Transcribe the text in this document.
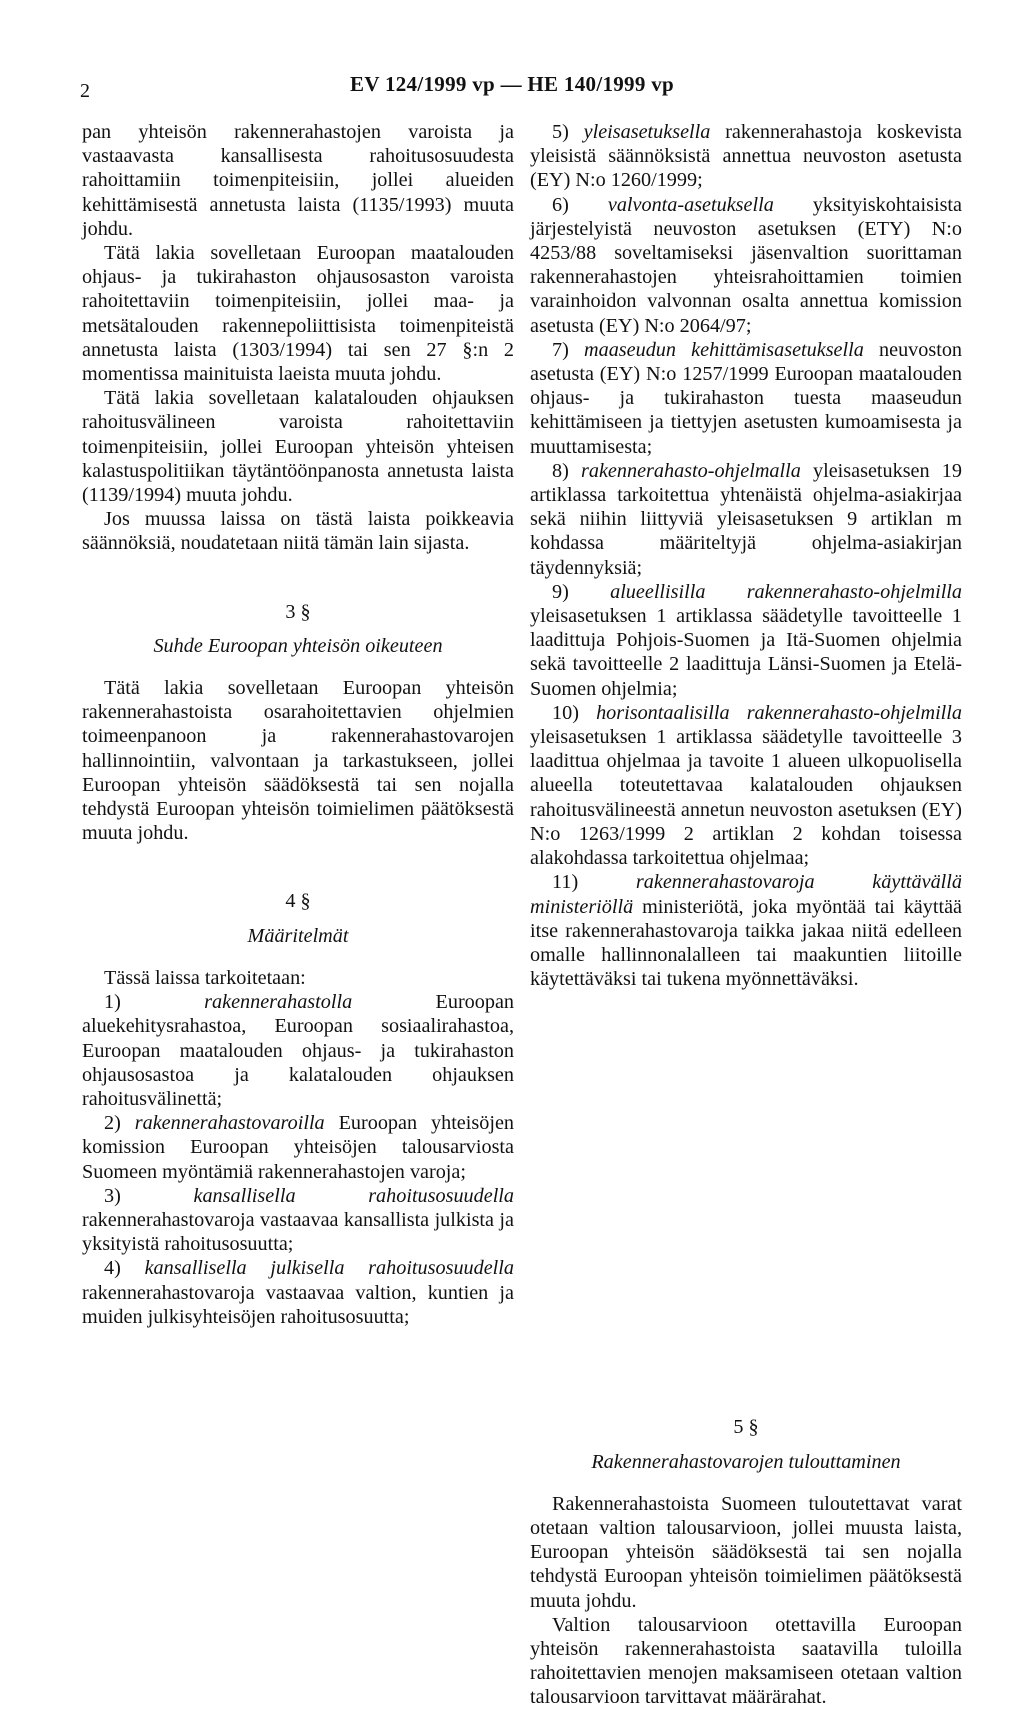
2	EV 124/1999 vp — HE 140/1999 vp

pan yhteisön rakennerahastojen varoista ja vastaavasta kansallisesta rahoitusosuudesta rahoittamiin toimenpiteisiin, jollei alueiden kehittämisestä annetusta laista (1135/1993) muuta johdu.

Tätä lakia sovelletaan Euroopan maatalouden ohjaus- ja tukirahaston ohjausosaston varoista rahoitettaviin toimenpiteisiin, jollei maa- ja metsätalouden rakennepoliittisista toimenpiteistä annetusta laista (1303/1994) tai sen 27 §:n 2 momentissa mainituista laeista muuta johdu.

Tätä lakia sovelletaan kalatalouden ohjauksen rahoitusvälineen varoista rahoitettaviin toimenpiteisiin, jollei Euroopan yhteisön yhteisen kalastuspolitiikan täytäntöönpanosta annetusta laista (1139/1994) muuta johdu.

Jos muussa laissa on tästä laista poikkeavia säännöksiä, noudatetaan niitä tämän lain sijasta.

3 §
Suhde Euroopan yhteisön oikeuteen

Tätä lakia sovelletaan Euroopan yhteisön rakennerahastoista osarahoitettavien ohjelmien toimeenpanoon ja rakennerahastovarojen hallinnointiin, valvontaan ja tarkastukseen, jollei Euroopan yhteisön säädöksestä tai sen nojalla tehdystä Euroopan yhteisön toimielimen päätöksestä muuta johdu.

4 §
Määritelmät

Tässä laissa tarkoitetaan:

1)	rakennerahastolla	Euroopan aluekehitysrahastoa, Euroopan sosiaalirahastoa, Euroopan maatalouden ohjaus- ja tukirahaston ohjausosastoa ja kalatalouden ohjauksen rahoitusvälinettä;

2) rakennerahastovaroilla Euroopan yhteisöjen komission Euroopan yhteisöjen talousarviosta Suomeen myöntämiä rakennerahastojen varoja;

3)	kansallisella rahoitusosuudella rakennerahastovaroja vastaavaa kansallista julkista ja yksityistä rahoitusosuutta;

4) kansallisella julkisella rahoitusosuudella rakennerahastovaroja vastaavaa valtion, kuntien ja muiden julkisyhteisöjen rahoitusosuutta;

5) yleisasetuksella rakennerahastoja koskevista yleisistä säännöksistä annettua neuvoston asetusta (EY) N:o 1260/1999;

6) valvonta-asetuksella yksityiskohtaisista järjestelyistä neuvoston asetuksen (ETY) N:o 4253/88 soveltamiseksi jäsenvaltion suorittaman rakennerahastojen yhteisrahoittamien toimien varainhoidon valvonnan osalta annettua komission asetusta (EY) N:o 2064/97;

7) maaseudun kehittämisasetuksella neuvoston asetusta (EY) N:o 1257/1999 Euroopan maatalouden ohjaus- ja tukirahaston tuesta maaseudun kehittämiseen ja tiettyjen asetusten kumoamisesta ja muuttamisesta;

8) rakennerahasto-ohjelmalla yleisasetuksen 19 artiklassa tarkoitettua yhtenäistä ohjelma-asiakirjaa sekä niihin liittyviä yleisasetuksen 9 artiklan m kohdassa määriteltyjä ohjelma-asiakirjan täydennyksiä;

9) alueellisilla rakennerahasto-ohjelmilla yleisasetuksen 1 artiklassa säädetylle tavoitteelle 1 laadittuja Pohjois-Suomen ja Itä-Suomen ohjelmia sekä tavoitteelle 2 laadittuja Länsi-Suomen ja Etelä-Suomen ohjelmia;

10) horisontaalisilla rakennerahasto-ohjelmilla yleisasetuksen 1 artiklassa säädetylle tavoitteelle 3 laadittua ohjelmaa ja tavoite 1 alueen ulkopuolisella alueella toteutettavaa kalatalouden ohjauksen rahoitusvälineestä annetun neuvoston asetuksen (EY) N:o 1263/1999 2 artiklan 2 kohdan toisessa alakohdassa tarkoitettua ohjelmaa;

11)	rakennerahastovaroja käyttävällä ministeriöllä ministeriötä, joka myöntää tai käyttää itse rakennerahastovaroja taikka jakaa niitä edelleen omalle hallinnonalalleen tai maakuntien liitoille käytettäväksi tai tukena myönnettäväksi.

5 §
Rakennerahastovarojen tulouttaminen

Rakennerahastoista Suomeen tuloutettavat varat otetaan valtion talousarvioon, jollei muusta laista, Euroopan yhteisön säädöksestä tai sen nojalla tehdystä Euroopan yhteisön toimielimen päätöksestä muuta johdu.

Valtion talousarvioon otettavilla Euroopan yhteisön rakennerahastoista saatavilla tuloilla rahoitettavien menojen maksamiseen otetaan valtion talousarvioon tarvittavat määrärahat.
